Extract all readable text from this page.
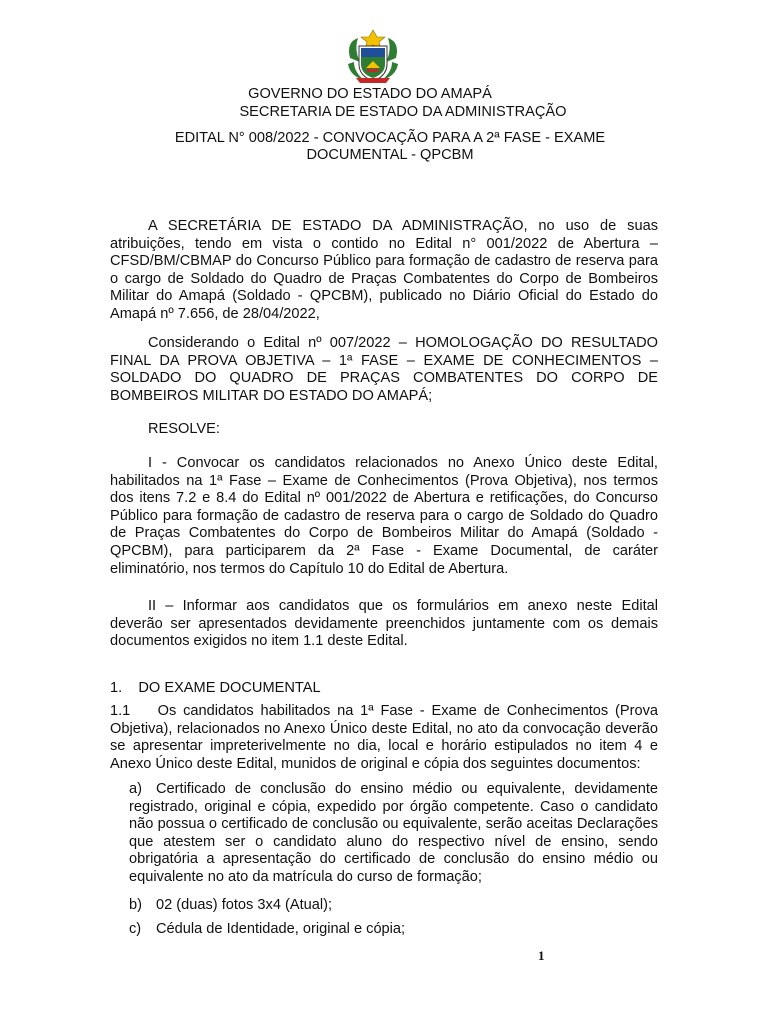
GOVERNO DO ESTADO DO AMAPÁ
SECRETARIA DE ESTADO DA ADMINISTRAÇÃO
EDITAL N° 008/2022 - CONVOCAÇÃO PARA A 2ª FASE - EXAME DOCUMENTAL - QPCBM

A SECRETÁRIA DE ESTADO DA ADMINISTRAÇÃO, no uso de suas atribuições, tendo em vista o contido no Edital n° 001/2022 de Abertura – CFSD/BM/CBMAP do Concurso Público para formação de cadastro de reserva para o cargo de Soldado do Quadro de Praças Combatentes do Corpo de Bombeiros Militar do Amapá (Soldado - QPCBM), publicado no Diário Oficial do Estado do Amapá nº 7.656, de 28/04/2022,

Considerando o Edital nº 007/2022 – HOMOLOGAÇÃO DO RESULTADO FINAL DA PROVA OBJETIVA – 1ª FASE – EXAME DE CONHECIMENTOS – SOLDADO DO QUADRO DE PRAÇAS COMBATENTES DO CORPO DE BOMBEIROS MILITAR DO ESTADO DO AMAPÁ;

RESOLVE:

I - Convocar os candidatos relacionados no Anexo Único deste Edital, habilitados na 1ª Fase – Exame de Conhecimentos (Prova Objetiva), nos termos dos itens 7.2 e 8.4 do Edital nº 001/2022 de Abertura e retificações, do Concurso Público para formação de cadastro de reserva para o cargo de Soldado do Quadro de Praças Combatentes do Corpo de Bombeiros Militar do Amapá (Soldado - QPCBM), para participarem da 2ª Fase - Exame Documental, de caráter eliminatório, nos termos do Capítulo 10 do Edital de Abertura.

II – Informar aos candidatos que os formulários em anexo neste Edital deverão ser apresentados devidamente preenchidos juntamente com os demais documentos exigidos no item 1.1 deste Edital.

1.    DO EXAME DOCUMENTAL

1.1    Os candidatos habilitados na 1ª Fase - Exame de Conhecimentos (Prova Objetiva), relacionados no Anexo Único deste Edital, no ato da convocação deverão se apresentar impreterivelmente no dia, local e horário estipulados no item 4 e Anexo Único deste Edital, munidos de original e cópia dos seguintes documentos:

a) Certificado de conclusão do ensino médio ou equivalente, devidamente registrado, original e cópia, expedido por órgão competente. Caso o candidato não possua o certificado de conclusão ou equivalente, serão aceitas Declarações que atestem ser o candidato aluno do respectivo nível de ensino, sendo obrigatória a apresentação do certificado de conclusão do ensino médio ou equivalente no ato da matrícula do curso de formação;

b) 02 (duas) fotos 3x4 (Atual);

c) Cédula de Identidade, original e cópia;

1
